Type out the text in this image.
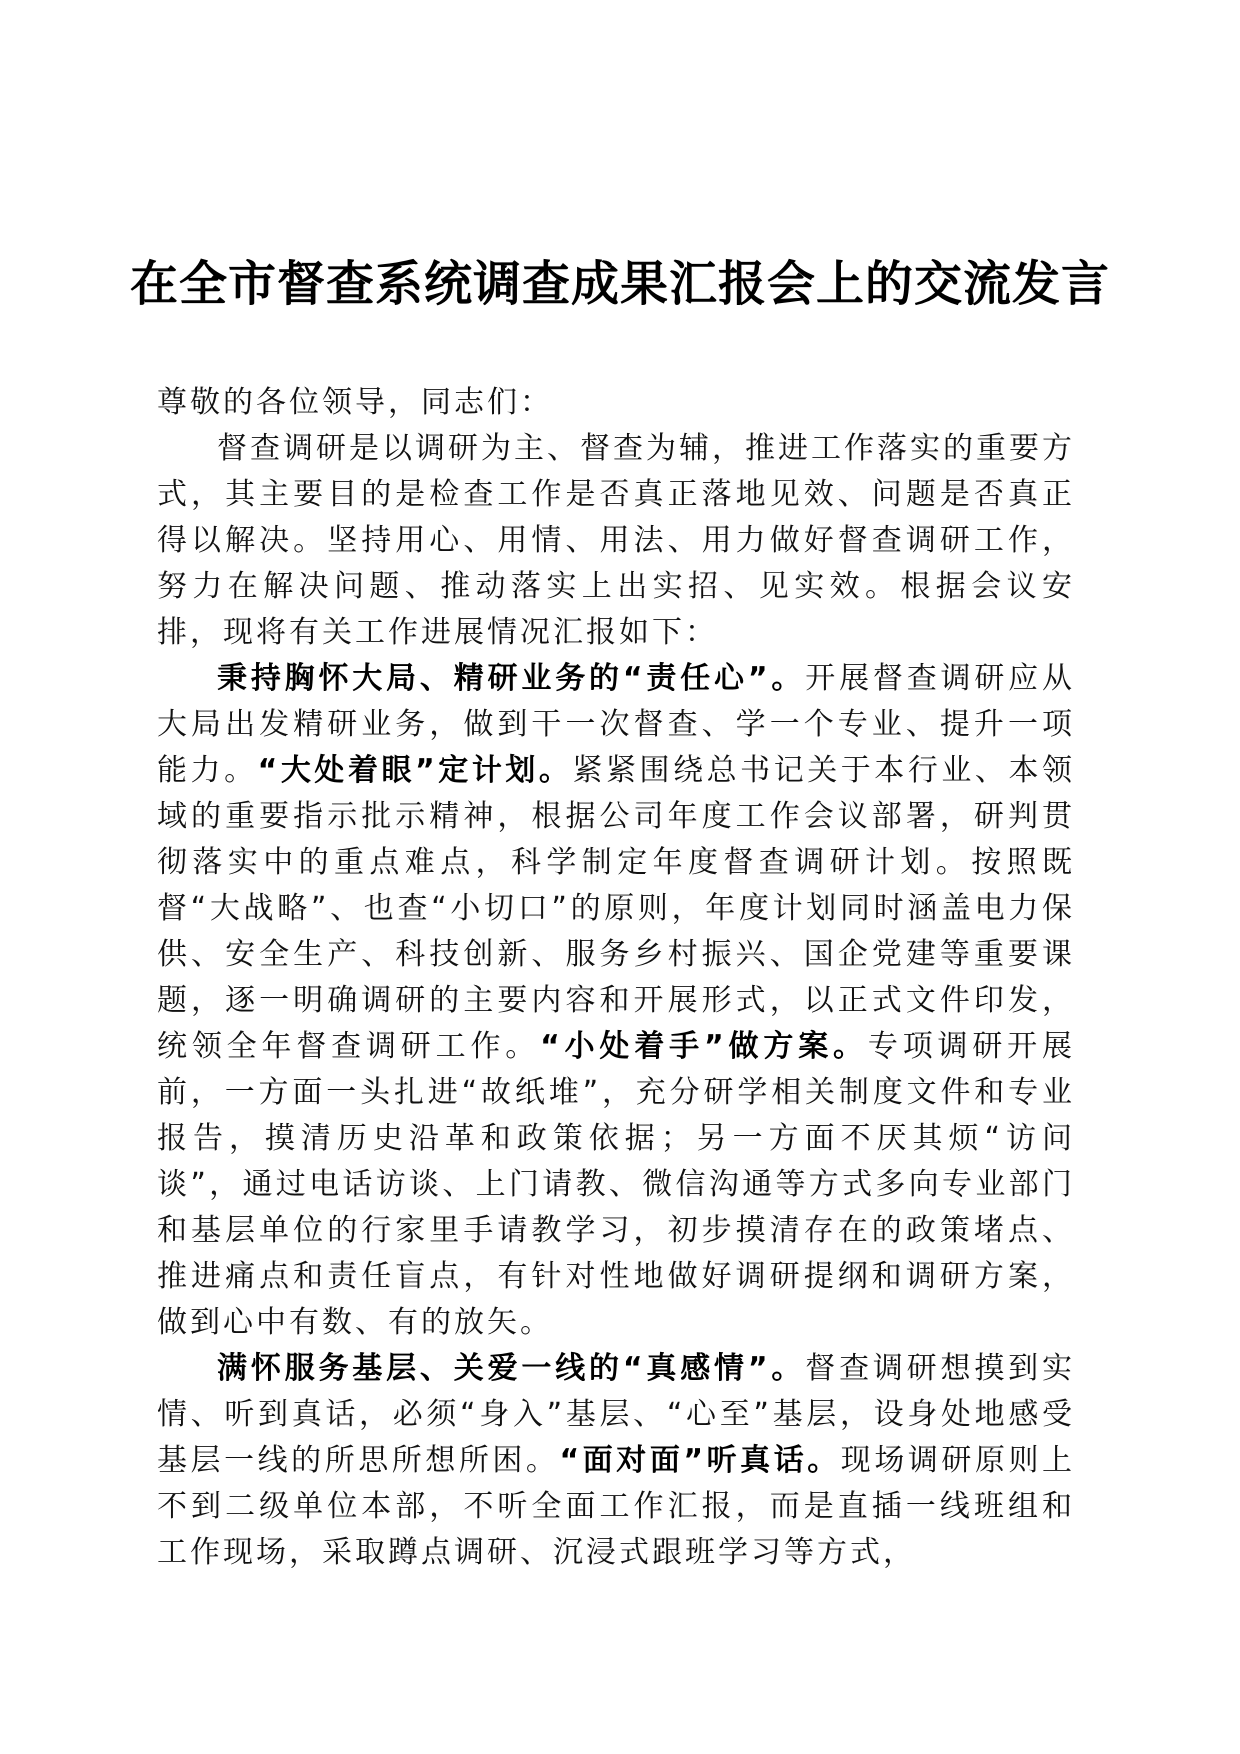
在全市督查系统调查成果汇报会上的交流发言

尊敬的各位领导，同志们：

督查调研是以调研为主、督查为辅，推进工作落实的重要方式，其主要目的是检查工作是否真正落地见效、问题是否真正得以解决。坚持用心、用情、用法、用力做好督查调研工作，努力在解决问题、推动落实上出实招、见实效。根据会议安排，现将有关工作进展情况汇报如下：

秉持胸怀大局、精研业务的“责任心”。开展督查调研应从大局出发精研业务，做到干一次督查、学一个专业、提升一项能力。“大处着眼”定计划。紧紧围绕总书记关于本行业、本领域的重要指示批示精神，根据公司年度工作会议部署，研判贯彻落实中的重点难点，科学制定年度督查调研计划。按照既督“大战略”、也查“小切口”的原则，年度计划同时涵盖电力保供、安全生产、科技创新、服务乡村振兴、国企党建等重要课题，逐一明确调研的主要内容和开展形式，以正式文件印发，统领全年督查调研工作。“小处着手”做方案。专项调研开展前，一方面一头扎进“故纸堆”，充分研学相关制度文件和专业报告，摸清历史沿革和政策依据；另一方面不厌其烦“访问谈”，通过电话访谈、上门请教、微信沟通等方式多向专业部门和基层单位的行家里手请教学习，初步摸清存在的政策堵点、推进痛点和责任盲点，有针对性地做好调研提纲和调研方案，做到心中有数、有的放矢。

满怀服务基层、关爱一线的“真感情”。督查调研想摸到实情、听到真话，必须“身入”基层、“心至”基层，设身处地感受基层一线的所思所想所困。“面对面”听真话。现场调研原则上不到二级单位本部，不听全面工作汇报，而是直插一线班组和工作现场，采取蹲点调研、沉浸式跟班学习等方式，
